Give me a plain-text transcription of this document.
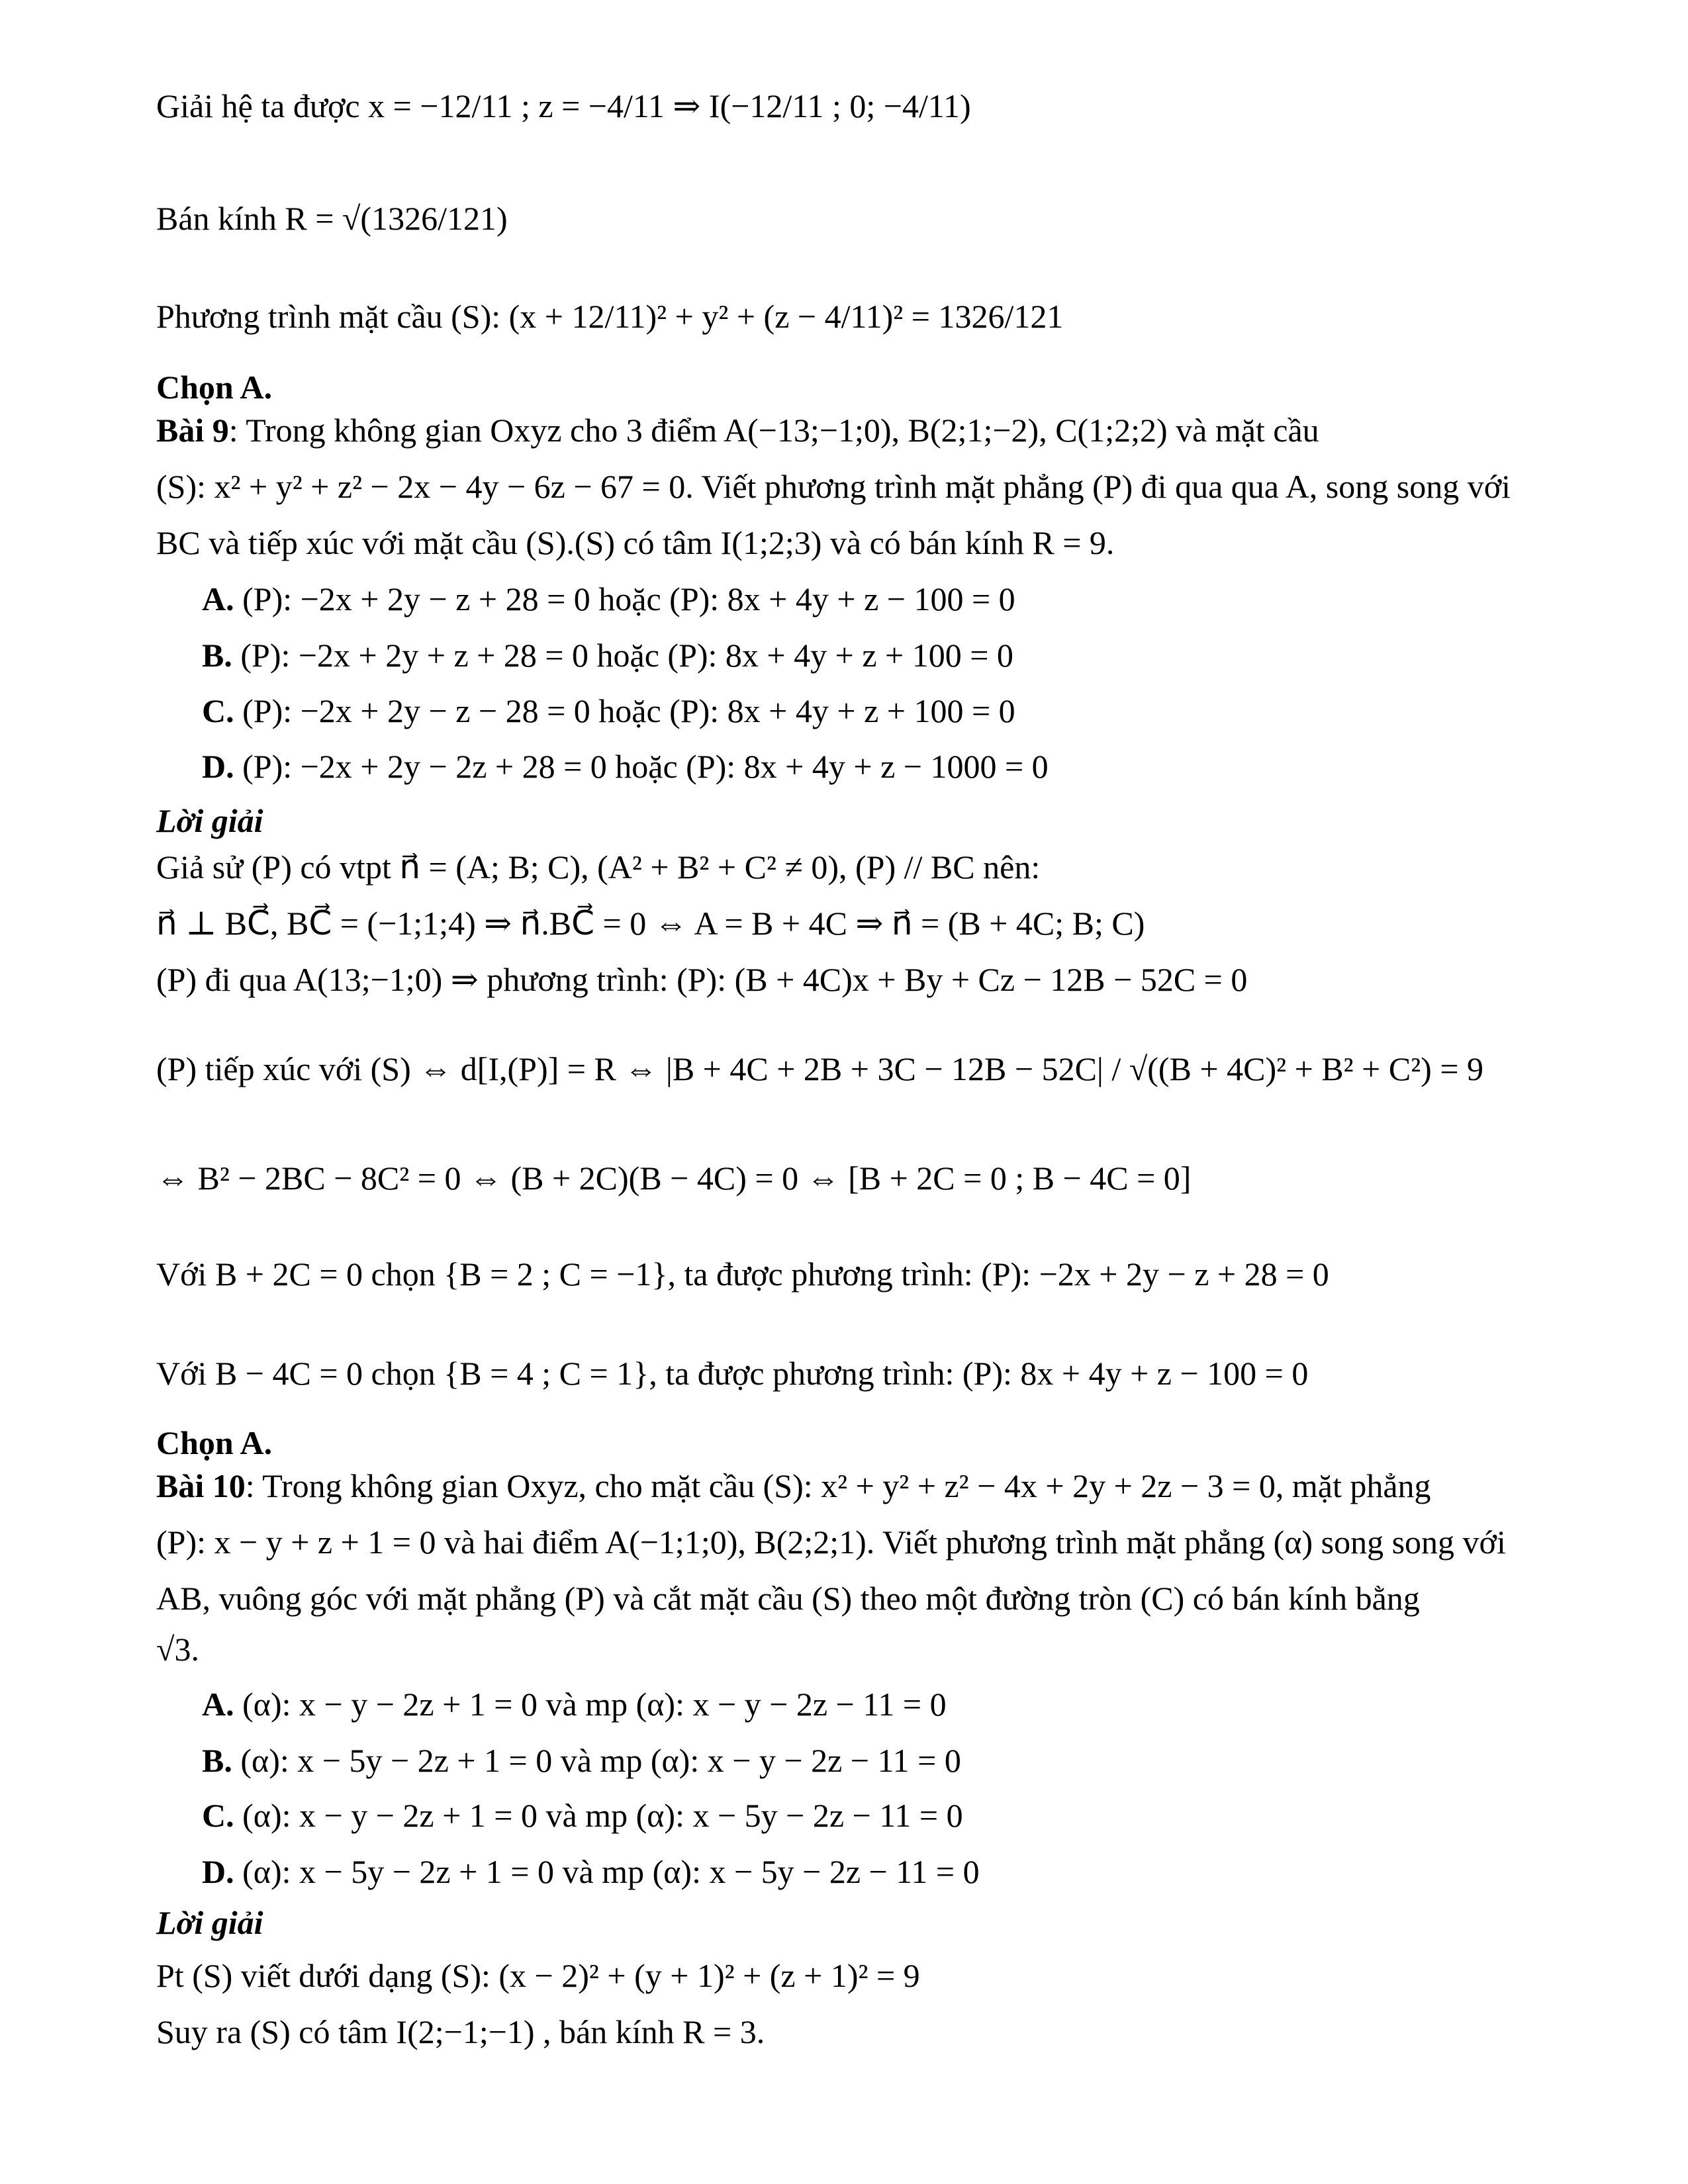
Giải hệ ta được x = −12/11 ; z = −4/11 ⇒ I(−12/11 ; 0; −4/11)
Bán kính R = √(1326/121)
Phương trình mặt cầu (S): (x + 12/11)² + y² + (z − 4/11)² = 1326/121
Chọn A.
Bài 9: Trong không gian Oxyz cho 3 điểm A(−13;−1;0), B(2;1;−2), C(1;2;2) và mặt cầu
(S): x² + y² + z² − 2x − 4y − 6z − 67 = 0. Viết phương trình mặt phẳng (P) đi qua qua A, song song với
BC và tiếp xúc với mặt cầu (S).(S) có tâm I(1;2;3) và có bán kính R = 9.
A. (P): −2x + 2y − z + 28 = 0 hoặc (P): 8x + 4y + z − 100 = 0
B. (P): −2x + 2y + z + 28 = 0 hoặc (P): 8x + 4y + z + 100 = 0
C. (P): −2x + 2y − z − 28 = 0 hoặc (P): 8x + 4y + z + 100 = 0
D. (P): −2x + 2y − 2z + 28 = 0 hoặc (P): 8x + 4y + z − 1000 = 0
Lời giải
Giả sử (P) có vtpt n⃗ = (A; B; C), (A² + B² + C² ≠ 0), (P) // BC nên:
n⃗ ⊥ BC⃗, BC⃗ = (−1;1;4) ⇒ n⃗.BC⃗ = 0 ⇔ A = B + 4C ⇒ n⃗ = (B + 4C; B; C)
(P) đi qua A(13;−1;0) ⇒ phương trình: (P): (B + 4C)x + By + Cz − 12B − 52C = 0
(P) tiếp xúc với (S) ⇔ d[I,(P)] = R ⇔ |B + 4C + 2B + 3C − 12B − 52C| / √((B + 4C)² + B² + C²) = 9
⇔ B² − 2BC − 8C² = 0 ⇔ (B + 2C)(B − 4C) = 0 ⇔ [B + 2C = 0 ; B − 4C = 0]
Với B + 2C = 0 chọn {B = 2 ; C = −1}, ta được phương trình: (P): −2x + 2y − z + 28 = 0
Với B − 4C = 0 chọn {B = 4 ; C = 1}, ta được phương trình: (P): 8x + 4y + z − 100 = 0
Chọn A.
Bài 10: Trong không gian Oxyz, cho mặt cầu (S): x² + y² + z² − 4x + 2y + 2z − 3 = 0, mặt phẳng
(P): x − y + z + 1 = 0 và hai điểm A(−1;1;0), B(2;2;1). Viết phương trình mặt phẳng (α) song song với
AB, vuông góc với mặt phẳng (P) và cắt mặt cầu (S) theo một đường tròn (C) có bán kính bằng
√3.
A. (α): x − y − 2z + 1 = 0 và mp (α): x − y − 2z − 11 = 0
B. (α): x − 5y − 2z + 1 = 0 và mp (α): x − y − 2z − 11 = 0
C. (α): x − y − 2z + 1 = 0 và mp (α): x − 5y − 2z − 11 = 0
D. (α): x − 5y − 2z + 1 = 0 và mp (α): x − 5y − 2z − 11 = 0
Lời giải
Pt (S) viết dưới dạng (S): (x − 2)² + (y + 1)² + (z + 1)² = 9
Suy ra (S) có tâm I(2;−1;−1) , bán kính R = 3.
